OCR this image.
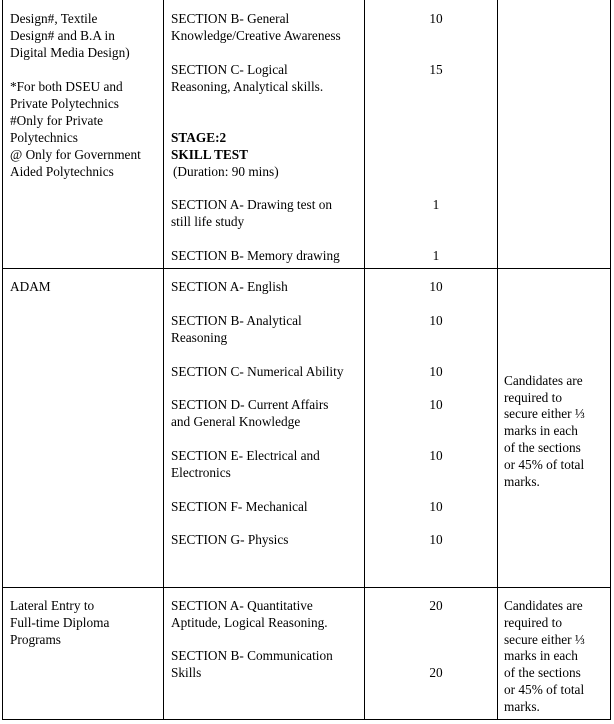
Design#, Textile
Design# and B.A in
Digital Media Design)
*For both DSEU and
Private Polytechnics
#Only for Private
Polytechnics
@ Only for Government
Aided Polytechnics
SECTION B- General
Knowledge/Creative Awareness
SECTION C- Logical
Reasoning, Analytical skills.
STAGE:2
SKILL TEST
(Duration: 90 mins)
SECTION A- Drawing test on
still life study
SECTION B- Memory drawing
10
15
1
1
ADAM	SECTION A- English
SECTION B- Analytical
Reasoning
SECTION C- Numerical Ability
SECTION D- Current Affairs
and General Knowledge
SECTION E- Electrical and
Electronics
SECTION F- Mechanical
SECTION G- Physics
10
10
10
10
10
10
10
Candidates are
required to
secure either ⅓
marks in each
of the sections
or 45% of total
marks.
Lateral Entry to
Full-time Diploma
Programs
SECTION A- Quantitative
Aptitude, Logical Reasoning.
SECTION B- Communication
Skills
20
20
Candidates are
required to
secure either ⅓
marks in each
of the sections
or 45% of total
marks.
